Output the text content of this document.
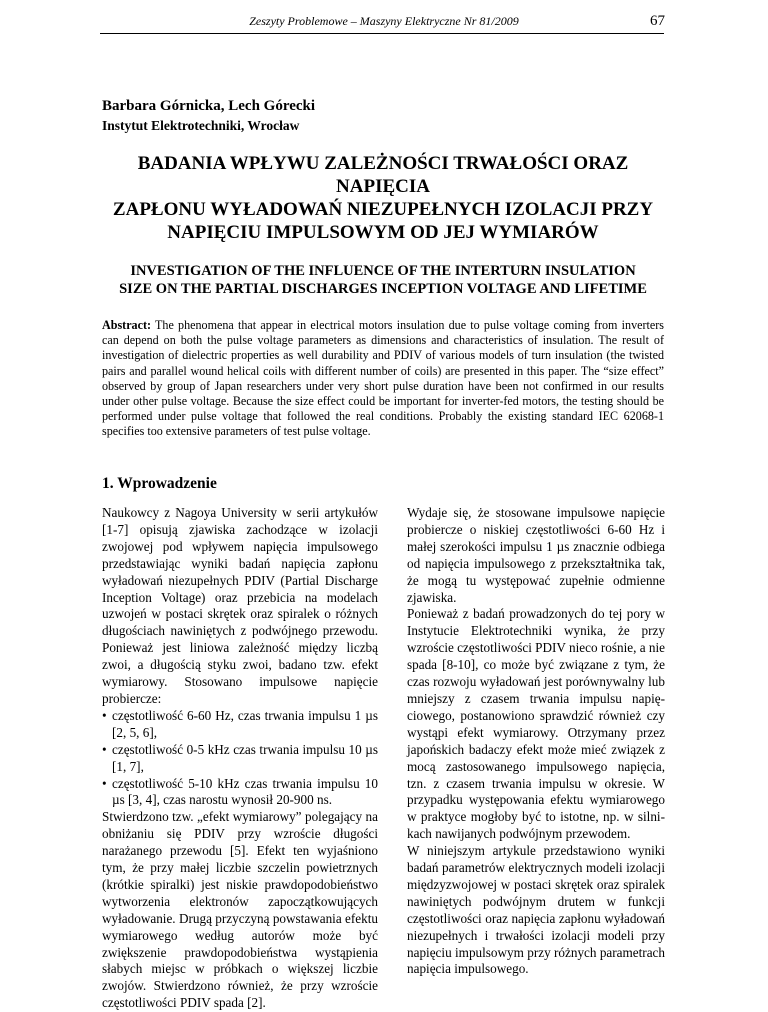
Zeszyty Problemowe – Maszyny Elektryczne Nr 81/2009	67
Barbara Górnicka, Lech Górecki
Instytut Elektrotechniki, Wrocław
BADANIA WPŁYWU ZALEŻNOŚCI TRWAŁOŚCI ORAZ NAPIĘCIA
ZAPŁONU WYŁADOWAŃ NIEZUPEŁNYCH IZOLACJI PRZY
NAPIĘCIU IMPULSOWYM OD JEJ WYMIARÓW
INVESTIGATION OF THE INFLUENCE OF THE INTERTURN INSULATION
SIZE ON THE PARTIAL DISCHARGES INCEPTION VOLTAGE AND LIFETIME

Abstract: The phenomena that appear in electrical motors insulation due to pulse voltage coming from inverters can depend on both the pulse voltage parameters as dimensions and characteristics of insulation. The result of investigation of dielectric properties as well durability and PDIV of various models of turn insulation (the twisted pairs and parallel wound helical coils with different number of coils) are presented in this paper. The “size effect” observed by group of Japan researchers under very short pulse duration have been not confirmed in our results under other pulse voltage. Because the size effect could be important for inverter-fed motors, the testing should be performed under pulse voltage that followed the real conditions. Probably the existing standard IEC 62068-1 specifies too extensive parameters of test pulse voltage.

1. Wprowadzenie

Naukowcy z Nagoya University w serii artykułów [1-7] opisują zjawiska zachodzące w izolacji zwojowej pod wpływem napięcia impulsowego przedstawiając wyniki badań napięcia zapłonu wyładowań niezupełnych PDIV (Partial Discharge Inception Voltage) oraz przebicia na modelach uzwojeń w postaci skrętek oraz spiralek o różnych długościach nawiniętych z podwójnego przewodu. Ponieważ jest liniowa zależność między liczbą zwoi, a długością styku zwoi, badano tzw. efekt wymiarowy. Stosowano impulsowe napięcie probiercze:

• częstotliwość 6-60 Hz, czas trwania impulsu 1 µs [2, 5, 6],

• częstotliwość 0-5 kHz czas trwania impulsu 10 µs [1, 7],

• częstotliwość 5-10 kHz czas trwania impulsu 10 µs [3, 4], czas narostu wynosił 20-900 ns.

Stwierdzono tzw. „efekt wymiarowy” polegający na obniżaniu się PDIV przy wzroście długości narażanego przewodu [5]. Efekt ten wyjaśniono tym, że przy małej liczbie szczelin powietrznych (krótkie spiralki) jest niskie prawdopodobieństwo wytworzenia elektronów zapoczątkowujących wyładowanie. Drugą przyczyną powstawania efektu wymiarowego według autorów może być zwiększenie prawdopodobieństwa wystąpienia słabych miejsc w próbkach o większej liczbie zwojów. Stwierdzono również, że przy wzroście częstotliwości PDIV spada [2].

Wydaje się, że stosowane impulsowe napięcie probiercze o niskiej częstotliwości 6-60 Hz i małej szerokości impulsu 1 µs znacznie odbiega od napięcia impulsowego z przekształtnika tak, że mogą tu występować zupełnie odmienne zjawiska.

Ponieważ z badań prowadzonych do tej pory w Instytucie Elektrotechniki wynika, że przy wzroście częstotliwości PDIV nieco rośnie, a nie spada [8-10], co może być związane z tym, że czas rozwoju wyładowań jest porównywalny lub mniejszy z czasem trwania impulsu napięciowego, postanowiono sprawdzić również czy wystąpi efekt wymiarowy. Otrzymany przez japońskich badaczy efekt może mieć związek z mocą zastosowanego impulsowego napięcia, tzn. z czasem trwania impulsu w okresie. W przypadku występowania efektu wymiarowego w praktyce mogłoby być to istotne, np. w silnikach nawijanych podwójnym przewodem.

W niniejszym artykule przedstawiono wyniki badań parametrów elektrycznych modeli izolacji międzyzwojowej w postaci skrętek oraz spiralek nawiniętych podwójnym drutem w funkcji częstotliwości oraz napięcia zapłonu wyładowań niezupełnych i trwałości izolacji modeli przy napięciu impulsowym przy różnych parametrach napięcia impulsowego.
